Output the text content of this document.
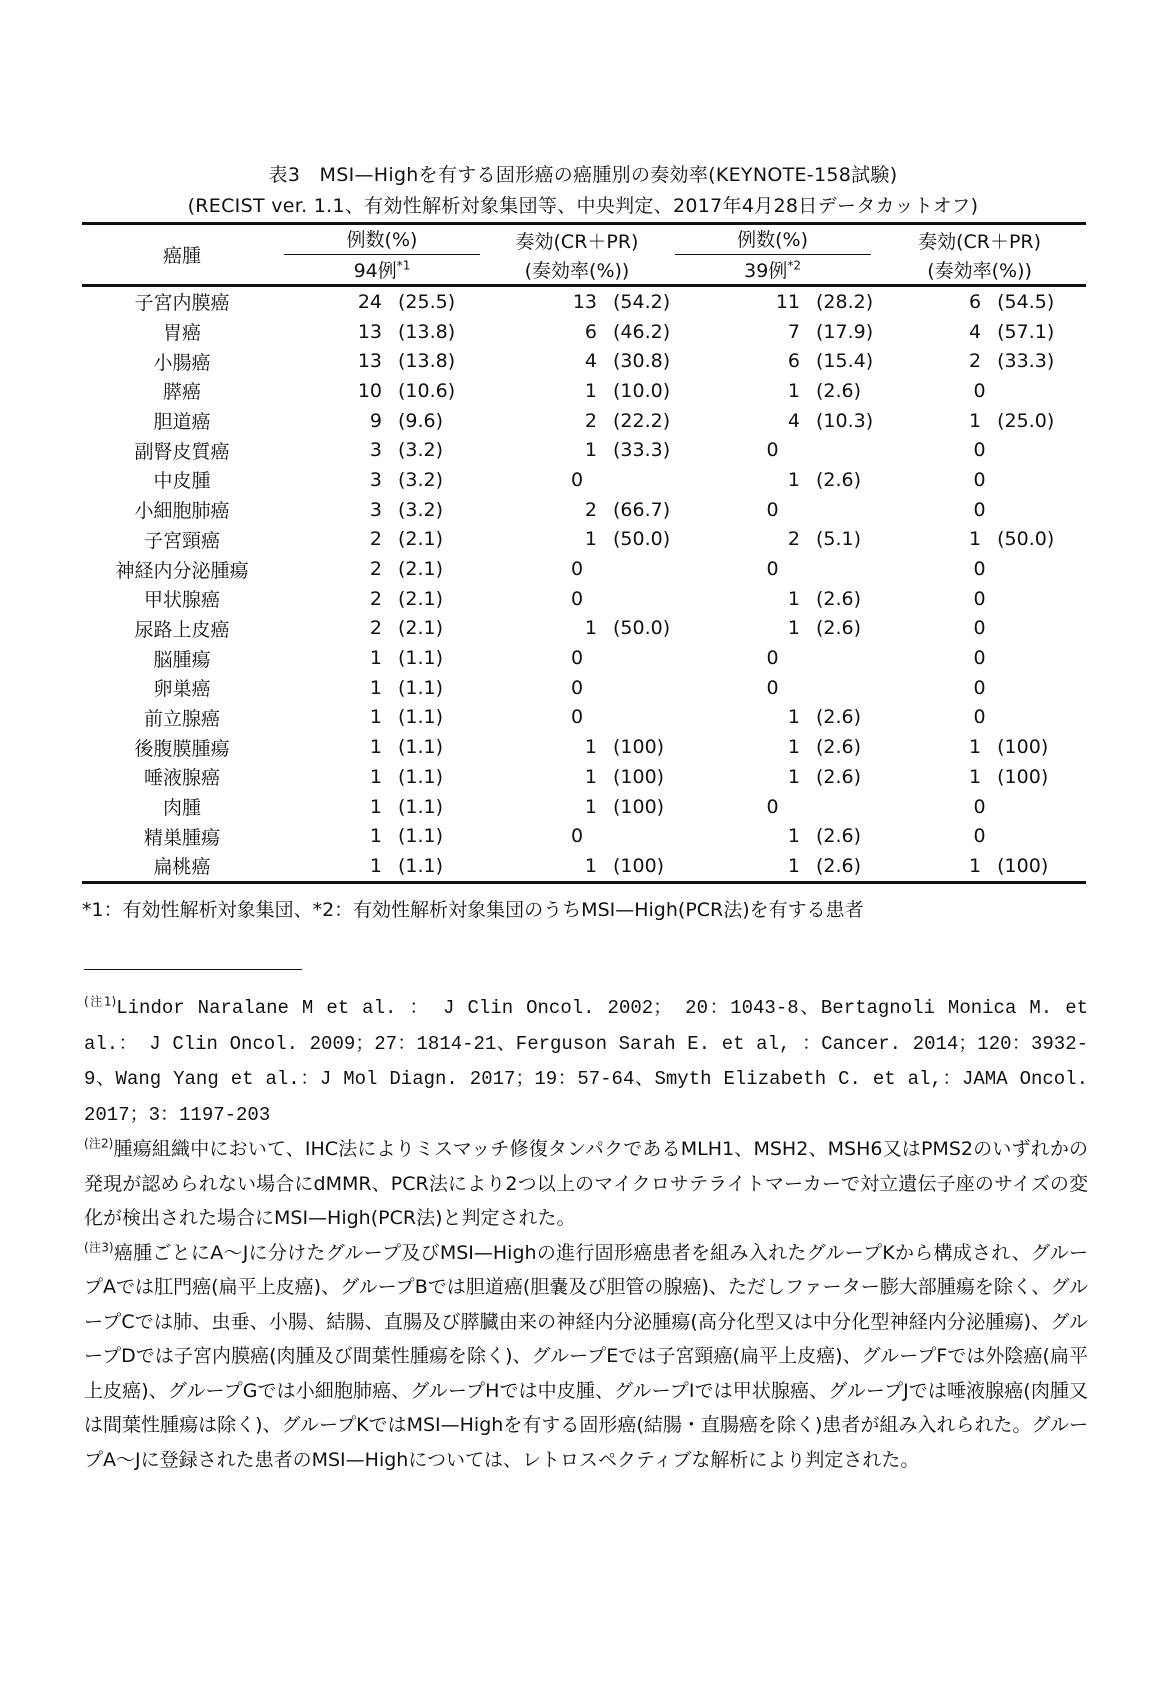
表3　MSI—Highを有する固形癌の癌腫別の奏効率(KEYNOTE-158試験)
(RECIST ver. 1.1、有効性解析対象集団等、中央判定、2017年4月28日データカットオフ)
癌腫	例数(%)	奏効(CR＋PR)	例数(%)	奏効(CR＋PR)
	94例$^{*1}$	(奏効率(%))	39例$^{*2}$	(奏効率(%))
子宮内膜癌	24 (25.5)	13 (54.2)	11 (28.2)	6 (54.5)

胃癌	13 (13.8)	6 (46.2)	7 (17.9)	4 (57.1)

小腸癌	13 (13.8)	4 (30.8)	6 (15.4)	2 (33.3)

膵癌	10 (10.6)	1 (10.0)	1 (2.6)	0

胆道癌	9 (9.6)	2 (22.2)	4 (10.3)	1 (25.0)

副腎皮質癌	3 (3.2)	1 (33.3)	0	0

中皮腫	3 (3.2)	0	1 (2.6)	0

小細胞肺癌	3 (3.2)	2 (66.7)	0	0

子宮頸癌	2 (2.1)	1 (50.0)	2 (5.1)	1 (50.0)

神経内分泌腫瘍	2 (2.1)	0	0	0

甲状腺癌	2 (2.1)	0	1 (2.6)	0

尿路上皮癌	2 (2.1)	1 (50.0)	1 (2.6)	0

脳腫瘍	1 (1.1)	0	0	0

卵巣癌	1 (1.1)	0	0	0

前立腺癌	1 (1.1)	0	1 (2.6)	0

後腹膜腫瘍	1 (1.1)	1 (100)	1 (2.6)	1 (100)

唾液腺癌	1 (1.1)	1 (100)	1 (2.6)	1 (100)

肉腫	1 (1.1)	1 (100)	0	0

精巣腫瘍	1 (1.1)	0	1 (2.6)	0

扁桃癌	1 (1.1)	1 (100)	1 (2.6)	1 (100)
*1：有効性解析対象集団、*2：有効性解析対象集団のうちMSI—High(PCR法)を有する患者

$^{(注1)}$Lindor Naralane M et al. ： J Clin Oncol. 2002； 20：1043-8、Bertagnoli Monica M. et al.： J Clin Oncol. 2009；27：1814-21、Ferguson Sarah E. et al, ：Cancer. 2014；120：3932-9、Wang Yang et al.：J Mol Diagn. 2017；19：57-64、Smyth Elizabeth C. et al,：JAMA Oncol. 2017；3：1197-203

$^{(注2)}$腫瘍組織中において、IHC法によりミスマッチ修復タンパクであるMLH1、MSH2、MSH6又はPMS2のいずれかの発現が認められない場合にdMMR、PCR法により2つ以上のマイクロサテライトマーカーで対立遺伝子座のサイズの変化が検出された場合にMSI—High(PCR法)と判定された。

$^{(注3)}$癌腫ごとにA～Jに分けたグループ及びMSI—Highの進行固形癌患者を組み入れたグループKから構成され、グループAでは肛門癌(扁平上皮癌)、グループBでは胆道癌(胆嚢及び胆管の腺癌)、ただしファーター膨大部腫瘍を除く、グループCでは肺、虫垂、小腸、結腸、直腸及び膵臓由来の神経内分泌腫瘍(高分化型又は中分化型神経内分泌腫瘍)、グループDでは子宮内膜癌(肉腫及び間葉性腫瘍を除く)、グループEでは子宮頸癌(扁平上皮癌)、グループFでは外陰癌(扁平上皮癌)、グループGでは小細胞肺癌、グループHでは中皮腫、グループIでは甲状腺癌、グループJでは唾液腺癌(肉腫又は間葉性腫瘍は除く)、グループKではMSI—Highを有する固形癌(結腸・直腸癌を除く)患者が組み入れられた。グループA～Jに登録された患者のMSI—Highについては、レトロスペクティブな解析により判定された。
